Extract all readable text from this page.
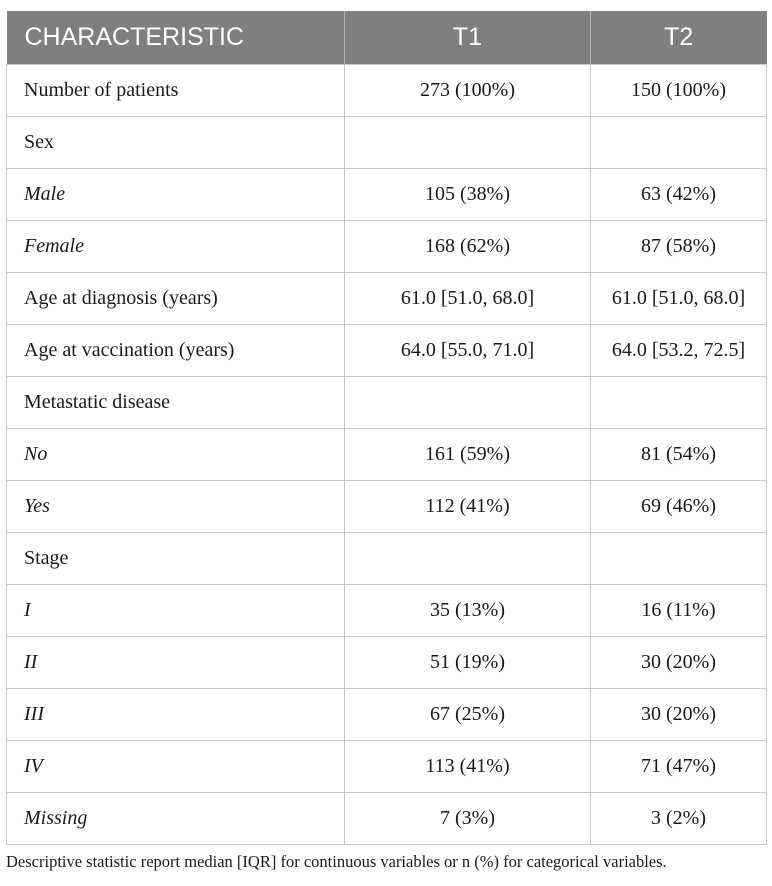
CHARACTERISTIC	T1	T2
Number of patients	273 (100%)	150 (100%)
Sex		
Male	105 (38%)	63 (42%)
Female	168 (62%)	87 (58%)
Age at diagnosis (years)	61.0 [51.0, 68.0]	61.0 [51.0, 68.0]
Age at vaccination (years)	64.0 [55.0, 71.0]	64.0 [53.2, 72.5]
Metastatic disease		
No	161 (59%)	81 (54%)
Yes	112 (41%)	69 (46%)
Stage		
I	35 (13%)	16 (11%)
II	51 (19%)	30 (20%)
III	67 (25%)	30 (20%)
IV	113 (41%)	71 (47%)
Missing	7 (3%)	3 (2%)
Descriptive statistic report median [IQR] for continuous variables or n (%) for categorical variables.
